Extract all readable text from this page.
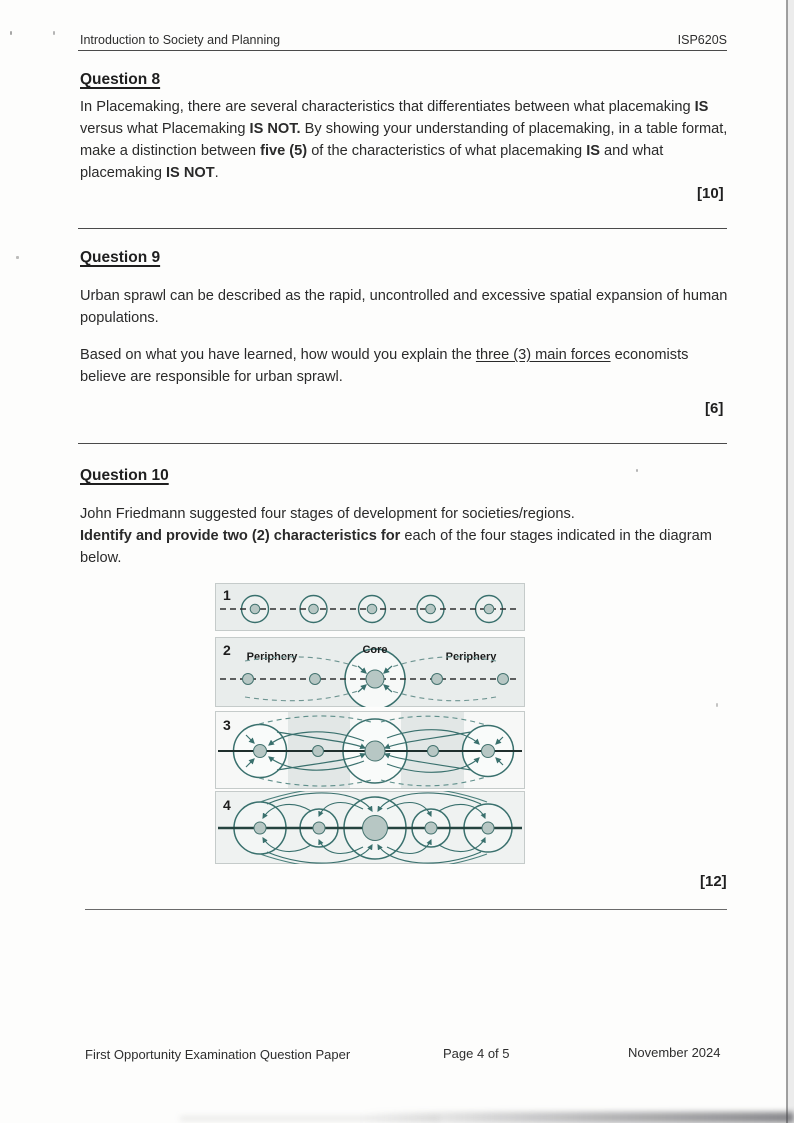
Introduction to Society and Planning	ISP620S
Question 8

In Placemaking, there are several characteristics that differentiates between what placemaking IS versus what Placemaking IS NOT. By showing your understanding of placemaking, in a table format, make a distinction between five (5) of the characteristics of what placemaking IS and what placemaking IS NOT.

[10]
Question 9

Urban sprawl can be described as the rapid, uncontrolled and excessive spatial expansion of human populations.

Based on what you have learned, how would you explain the three (3) main forces economists believe are responsible for urban sprawl.

[6]
Question 10

John Friedmann suggested four stages of development for societies/regions.
Identify and provide two (2) characteristics for each of the four stages indicated in the diagram below.

1
2 Periphery
Core
Periphery
3
4
[12]
First Opportunity Examination Question Paper	Page 4 of 5	November 2024
